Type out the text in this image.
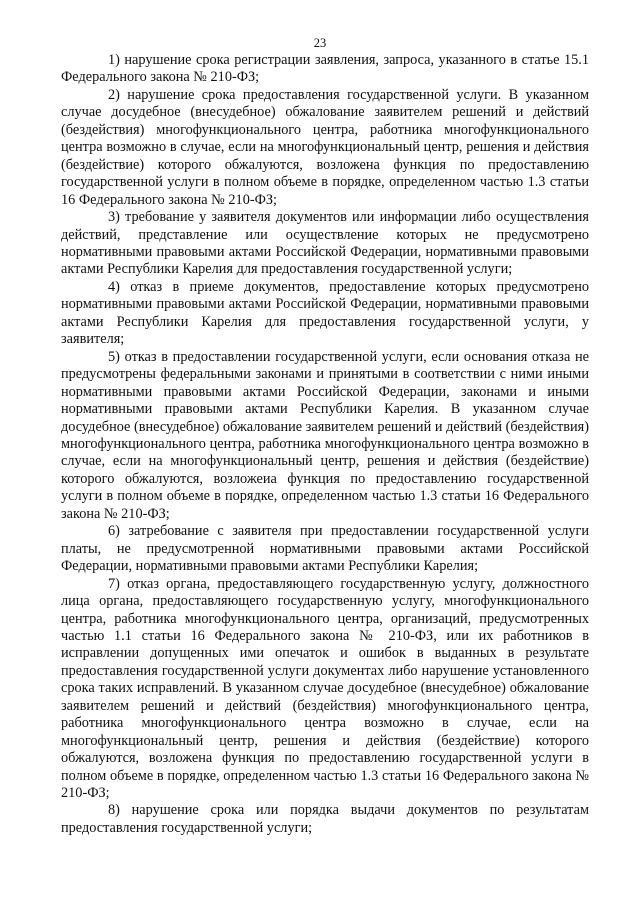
23

1) нарушение срока регистрации заявления, запроса, указанного в статье 15.1 Федерального закона № 210-ФЗ;

2) нарушение срока предоставления государственной услуги. В указанном случае досудебное (внесудебное) обжалование заявителем решений и действий (бездействия) многофункционального центра, работника многофункционального центра возможно в случае, если на многофункциональный центр, решения и действия (бездействие) которого обжалуются, возложена функция по предоставлению государственной услуги в полном объеме в порядке, определенном частью 1.3 статьи 16 Федерального закона № 210-ФЗ;

3) требование у заявителя документов или информации либо осуществления действий, представление или осуществление которых не предусмотрено нормативными правовыми актами Российской Федерации, нормативными правовыми актами Республики Карелия для предоставления государственной услуги;

4) отказ в приеме документов, предоставление которых предусмотрено нормативными правовыми актами Российской Федерации, нормативными правовыми актами Республики Карелия для предоставления государственной услуги, у заявителя;

5) отказ в предоставлении государственной услуги, если основания отказа не предусмотрены федеральными законами и принятыми в соответствии с ними иными нормативными правовыми актами Российской Федерации, законами и иными нормативными правовыми актами Республики Карелия. В указанном случае досудебное (внесудебное) обжалование заявителем решений и действий (бездействия) многофункционального центра, работника многофункционального центра возможно в случае, если на многофункциональный центр, решения и действия (бездействие) которого обжалуются, возложеиа функция по предоставлению государственной услуги в полном объеме в порядке, определенном частью 1.3 статьи 16 Федерального закона № 210-ФЗ;

6) затребование с заявителя при предоставлении государственной услуги платы, не предусмотренной нормативными правовыми актами Российской Федерации, нормативными правовыми актами Республики Карелия;

7) отказ органа, предоставляющего государственную услугу, должностного лица органа, предоставляющего государственную услугу, многофункционального центра, работника многофункционального центра, организаций, предусмотренных частью 1.1 статьи 16 Федерального закона № 210-ФЗ, или их работников в исправлении допущенных ими опечаток и ошибок в выданных в результате предоставления государственной услуги документах либо нарушение установленного срока таких исправлений. В указанном случае досудебное (внесудебное) обжалование заявителем решений и действий (бездействия) многофункционального центра, работника многофункционального центра возможно в случае, если на многофункциональный центр, решения и действия (бездействие) которого обжалуются, возложена функция по предоставлению государственной услуги в полном объеме в порядке, определенном частью 1.3 статьи 16 Федерального закона № 210-ФЗ;

8) нарушение срока или порядка выдачи документов по результатам предоставления государственной услуги;
